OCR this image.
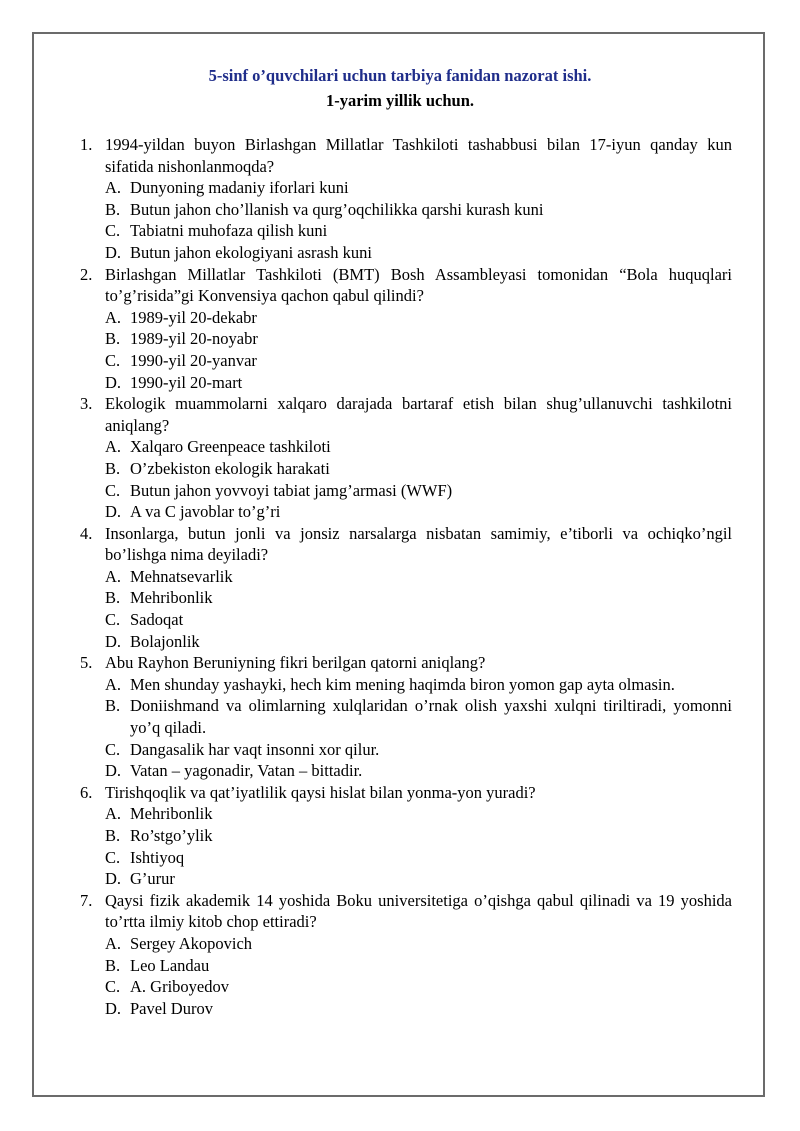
5-sinf o’quvchilari uchun tarbiya fanidan nazorat ishi.
1-yarim yillik uchun.
1. 1994-yildan buyon Birlashgan Millatlar Tashkiloti tashabbusi bilan 17-iyun qanday kun sifatida nishonlanmoqda?
A. Dunyoning madaniy iforlari kuni
B. Butun jahon cho’llanish va qurg’oqchilikka qarshi kurash kuni
C. Tabiatni muhofaza qilish kuni
D. Butun jahon ekologiyani asrash kuni
2. Birlashgan Millatlar Tashkiloti (BMT) Bosh Assambleyasi tomonidan “Bola huquqlari to’g’risida”gi Konvensiya qachon qabul qilindi?
A. 1989-yil 20-dekabr
B. 1989-yil 20-noyabr
C. 1990-yil 20-yanvar
D. 1990-yil 20-mart
3. Ekologik muammolarni xalqaro darajada bartaraf etish bilan shug’ullanuvchi tashkilotni aniqlang?
A. Xalqaro Greenpeace tashkiloti
B. O’zbekiston ekologik harakati
C. Butun jahon yovvoyi tabiat jamg’armasi (WWF)
D. A va C javoblar to’g’ri
4. Insonlarga, butun jonli va jonsiz narsalarga nisbatan samimiy, e’tiborli va ochiqko’ngil bo’lishga nima deyiladi?
A. Mehnatsevarlik
B. Mehribonlik
C. Sadoqat
D. Bolajonlik
5. Abu Rayhon Beruniyning fikri berilgan qatorni aniqlang?
A. Men shunday yashayki, hech kim mening haqimda biron yomon gap ayta olmasin.
B. Doniishmand va olimlarning xulqlaridan o’rnak olish yaxshi xulqni tiriltiradi, yomonni yo’q qiladi.
C. Dangasalik har vaqt insonni xor qilur.
D. Vatan – yagonadir, Vatan – bittadir.
6. Tirishqoqlik va qat’iyatlilik qaysi hislat bilan yonma-yon yuradi?
A. Mehribonlik
B. Ro’stgo’ylik
C. Ishtiyoq
D. G’urur
7. Qaysi fizik akademik 14 yoshida Boku universitetiga o’qishga qabul qilinadi va 19 yoshida to’rtta ilmiy kitob chop ettiradi?
A. Sergey Akopovich
B. Leo Landau
C. A. Griboyedov
D. Pavel Durov
